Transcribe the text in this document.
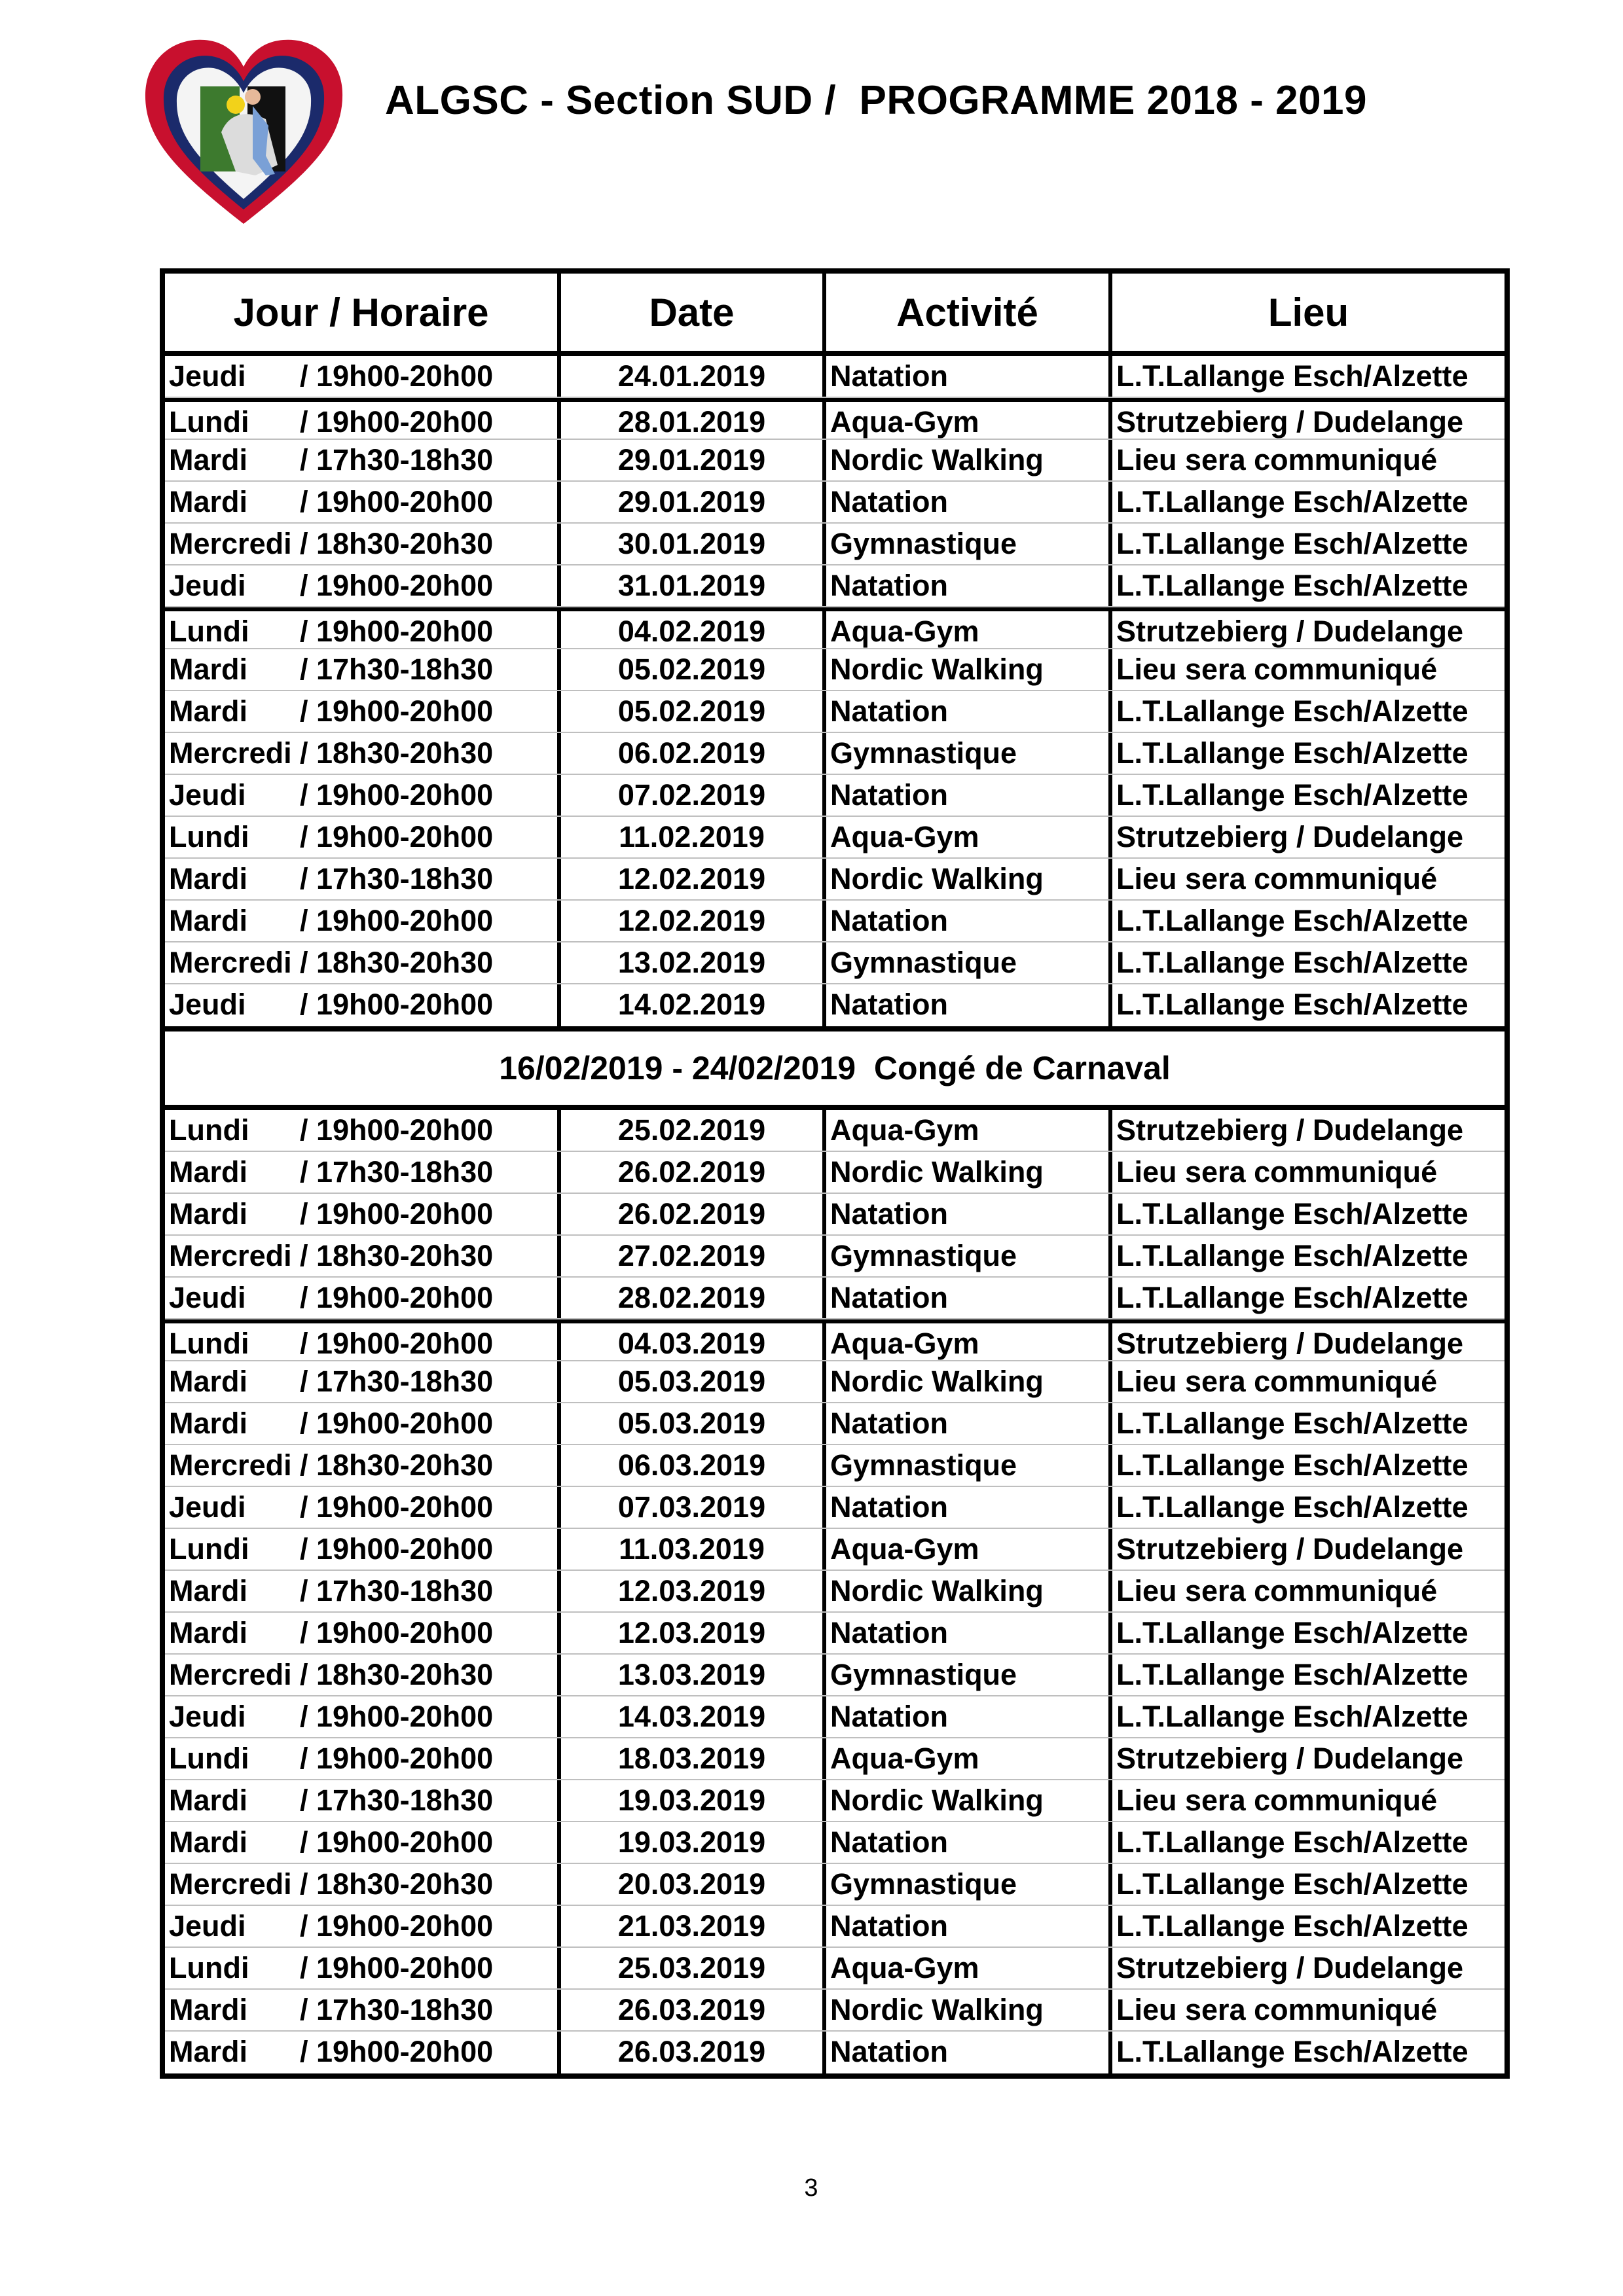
ALGSC - Section SUD /  PROGRAMME 2018 - 2019
Jour / Horaire	Date	Activité	Lieu
Jeudi	/ 19h00-20h00	24.01.2019	Natation	L.T.Lallange Esch/Alzette
Lundi	/ 19h00-20h00	28.01.2019	Aqua-Gym	Strutzebierg / Dudelange
Mardi	/ 17h30-18h30	29.01.2019	Nordic Walking	Lieu sera communiqué
Mardi	/ 19h00-20h00	29.01.2019	Natation	L.T.Lallange Esch/Alzette
Mercredi / 18h30-20h30	30.01.2019	Gymnastique	L.T.Lallange Esch/Alzette
Jeudi	/ 19h00-20h00	31.01.2019	Natation	L.T.Lallange Esch/Alzette
Lundi	/ 19h00-20h00	04.02.2019	Aqua-Gym	Strutzebierg / Dudelange
Mardi	/ 17h30-18h30	05.02.2019	Nordic Walking	Lieu sera communiqué
Mardi	/ 19h00-20h00	05.02.2019	Natation	L.T.Lallange Esch/Alzette
Mercredi / 18h30-20h30	06.02.2019	Gymnastique	L.T.Lallange Esch/Alzette
Jeudi	/ 19h00-20h00	07.02.2019	Natation	L.T.Lallange Esch/Alzette
Lundi	/ 19h00-20h00	11.02.2019	Aqua-Gym	Strutzebierg / Dudelange
Mardi	/ 17h30-18h30	12.02.2019	Nordic Walking	Lieu sera communiqué
Mardi	/ 19h00-20h00	12.02.2019	Natation	L.T.Lallange Esch/Alzette
Mercredi / 18h30-20h30	13.02.2019	Gymnastique	L.T.Lallange Esch/Alzette
Jeudi	/ 19h00-20h00	14.02.2019	Natation	L.T.Lallange Esch/Alzette
16/02/2019 - 24/02/2019  Congé de Carnaval
Lundi	/ 19h00-20h00	25.02.2019	Aqua-Gym	Strutzebierg / Dudelange
Mardi	/ 17h30-18h30	26.02.2019	Nordic Walking	Lieu sera communiqué
Mardi	/ 19h00-20h00	26.02.2019	Natation	L.T.Lallange Esch/Alzette
Mercredi / 18h30-20h30	27.02.2019	Gymnastique	L.T.Lallange Esch/Alzette
Jeudi	/ 19h00-20h00	28.02.2019	Natation	L.T.Lallange Esch/Alzette
Lundi	/ 19h00-20h00	04.03.2019	Aqua-Gym	Strutzebierg / Dudelange
Mardi	/ 17h30-18h30	05.03.2019	Nordic Walking	Lieu sera communiqué
Mardi	/ 19h00-20h00	05.03.2019	Natation	L.T.Lallange Esch/Alzette
Mercredi / 18h30-20h30	06.03.2019	Gymnastique	L.T.Lallange Esch/Alzette
Jeudi	/ 19h00-20h00	07.03.2019	Natation	L.T.Lallange Esch/Alzette
Lundi	/ 19h00-20h00	11.03.2019	Aqua-Gym	Strutzebierg / Dudelange
Mardi	/ 17h30-18h30	12.03.2019	Nordic Walking	Lieu sera communiqué
Mardi	/ 19h00-20h00	12.03.2019	Natation	L.T.Lallange Esch/Alzette
Mercredi / 18h30-20h30	13.03.2019	Gymnastique	L.T.Lallange Esch/Alzette
Jeudi	/ 19h00-20h00	14.03.2019	Natation	L.T.Lallange Esch/Alzette
Lundi	/ 19h00-20h00	18.03.2019	Aqua-Gym	Strutzebierg / Dudelange
Mardi	/ 17h30-18h30	19.03.2019	Nordic Walking	Lieu sera communiqué
Mardi	/ 19h00-20h00	19.03.2019	Natation	L.T.Lallange Esch/Alzette
Mercredi / 18h30-20h30	20.03.2019	Gymnastique	L.T.Lallange Esch/Alzette
Jeudi	/ 19h00-20h00	21.03.2019	Natation	L.T.Lallange Esch/Alzette
Lundi	/ 19h00-20h00	25.03.2019	Aqua-Gym	Strutzebierg / Dudelange
Mardi	/ 17h30-18h30	26.03.2019	Nordic Walking	Lieu sera communiqué
Mardi	/ 19h00-20h00	26.03.2019	Natation	L.T.Lallange Esch/Alzette
3
